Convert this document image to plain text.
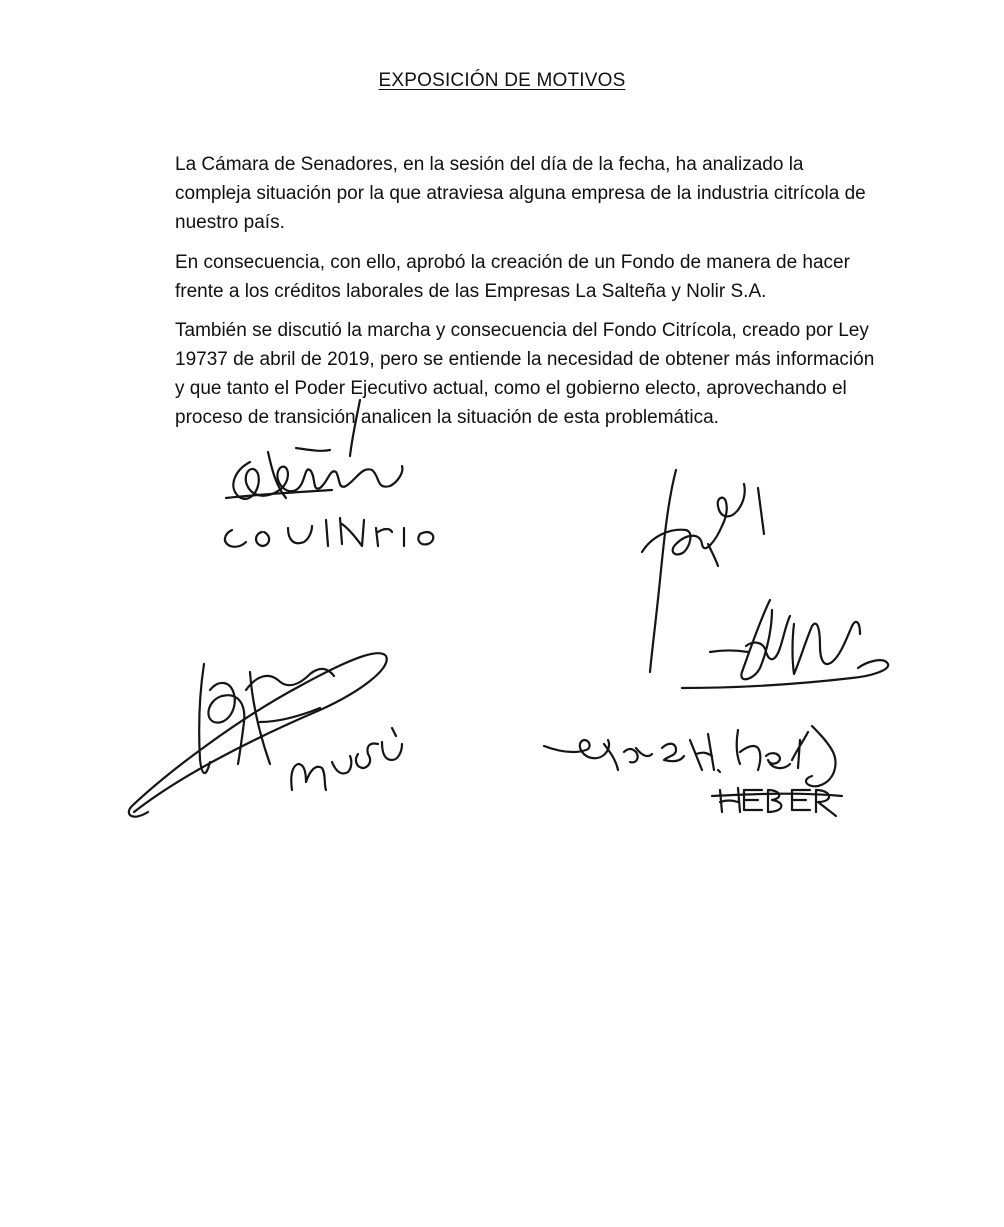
EXPOSICIÓN DE MOTIVOS

La Cámara de Senadores, en la sesión del día de la fecha, ha analizado la compleja situación por la que atraviesa alguna empresa de la industria citrícola de nuestro país.

En consecuencia, con ello, aprobó la creación de un Fondo de manera de hacer frente a los créditos laborales de las Empresas La Salteña y Nolir S.A.

También se discutió la marcha y consecuencia del Fondo Citrícola, creado por Ley 19737 de abril de 2019, pero se entiende la necesidad de obtener más información y que tanto el Poder Ejecutivo actual, como el gobierno electo, aprovechando el proceso de transición analicen la situación de esta problemática.

Coutinho
Heber
